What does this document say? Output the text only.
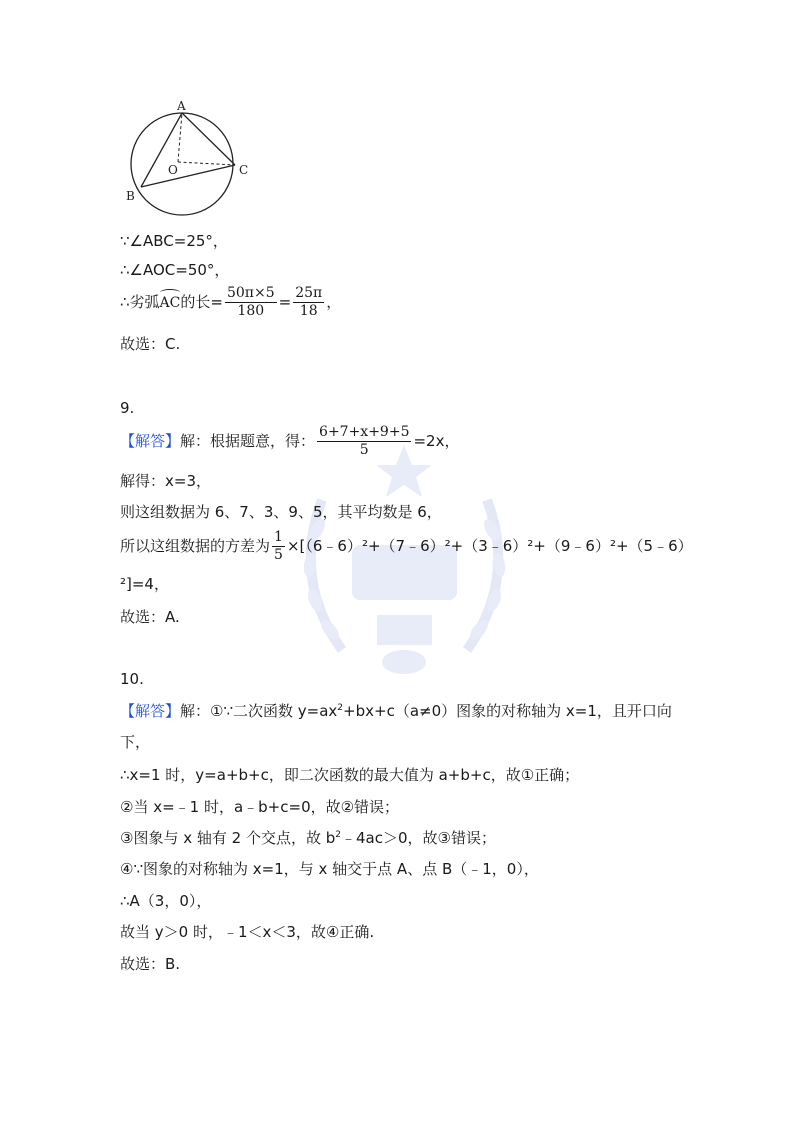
A
O
B
C
∵∠ABC=25°，
∴∠AOC=50°，
∴劣弧AC的长= $\frac{50\pi\times 5}{180} = \frac{25\pi}{18}$ ，
故选：C.
9.
【解答】解：根据题意，得： $\frac{6+7+x+9+5}{5} =2x$，
解得：x=3，
则这组数据为 6、7、3、9、5，其平均数是 6，
所以这组数据的方差为 $\frac{1}{5}$ ×[（6﹣6）²+（7﹣6）²+（3﹣6）²+（9﹣6）²+（5﹣6）
²]=4，
故选：A.
10.
【解答】解：①∵二次函数 $y=ax^2+bx+c(a\ne 0)$图象的对称轴为 x=1，且开口向
下，
∴x=1 时，y=a+b+c，即二次函数的最大值为 a+b+c，故①正确；
②当 x=﹣1 时，a﹣b+c=0，故②错误；
③图象与 x 轴有 2 个交点，故 $b^2﹣4ac>0$，故③错误；
④∵图象的对称轴为 x=1，与 x 轴交于点 A、点 B（﹣1，0），
∴A（3，0），
故当 y＞0 时，﹣1＜x＜3，故④正确.
故选：B.
